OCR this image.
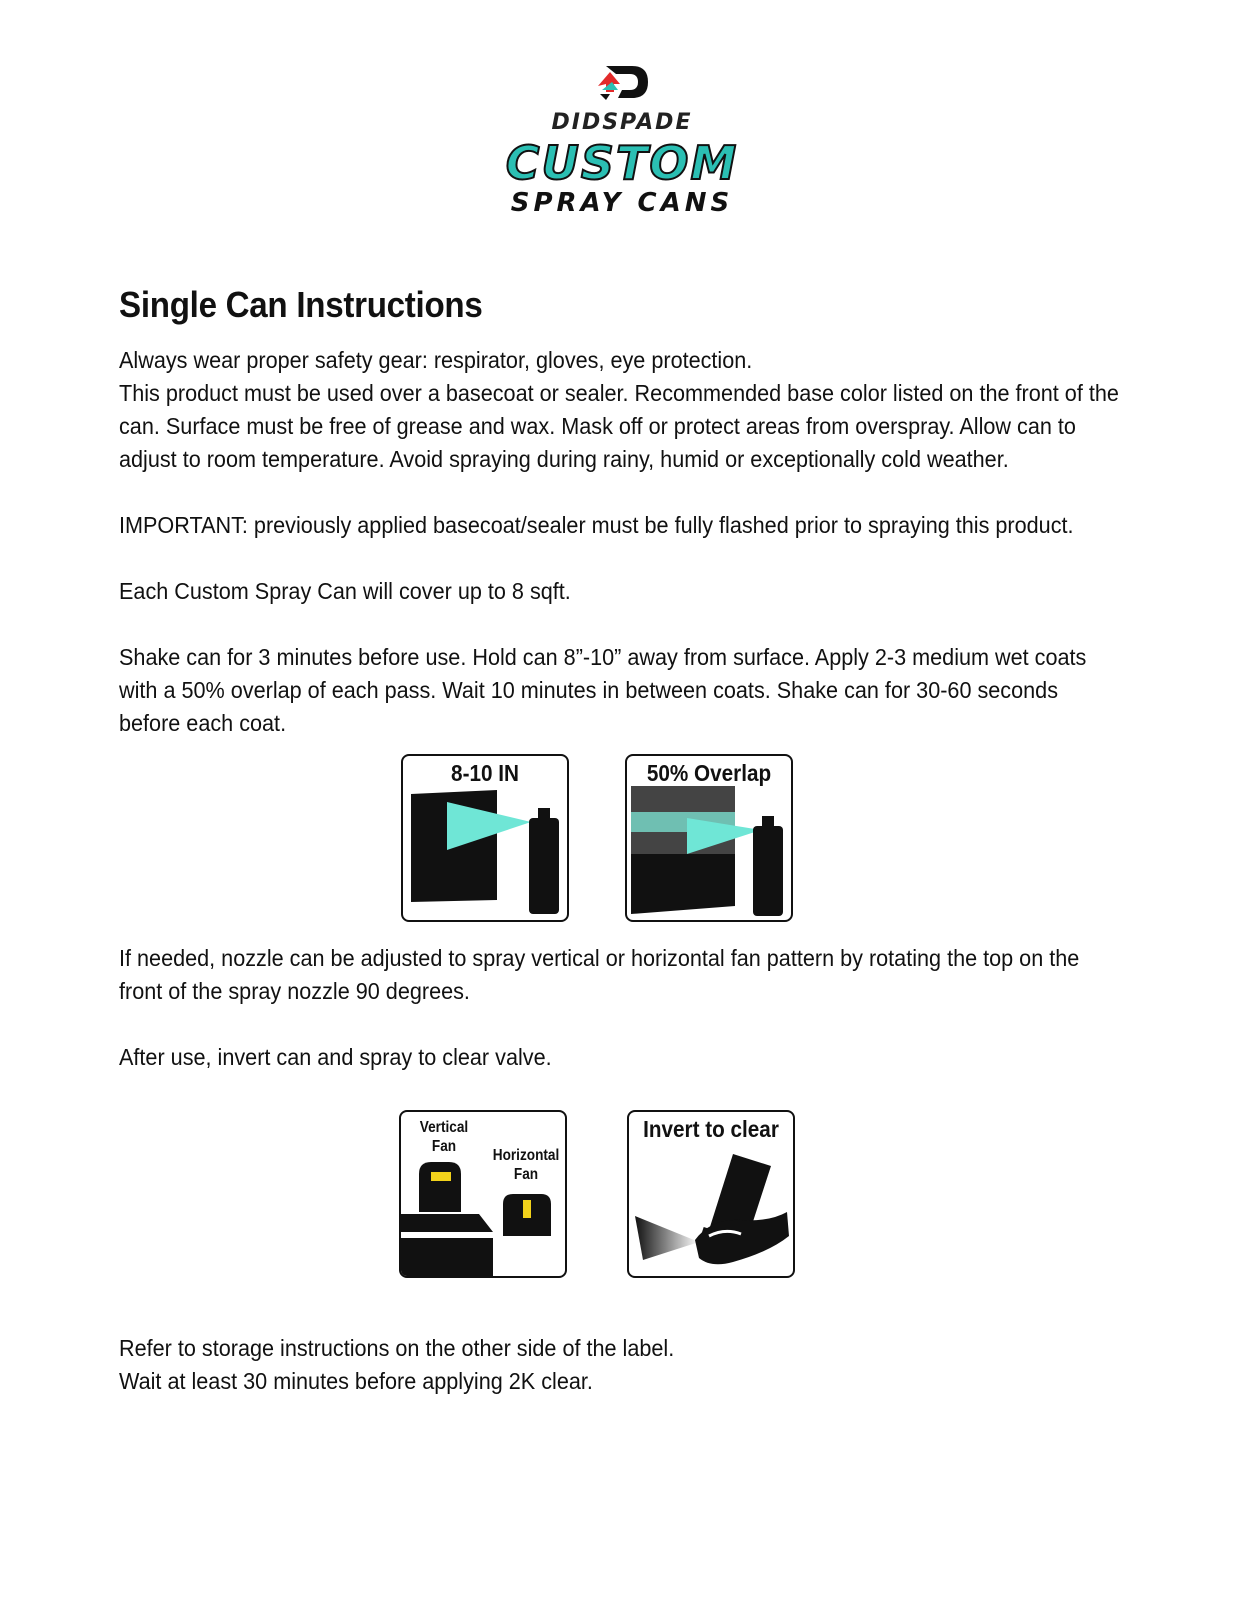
DIDSPADE
CUSTOM
SPRAY CANS
Single Can Instructions

Always wear proper safety gear: respirator, gloves, eye protection.

This product must be used over a basecoat or sealer. Recommended base color listed on the front of the can. Surface must be free of grease and wax. Mask off or protect areas from overspray. Allow can to adjust to room temperature. Avoid spraying during rainy, humid or exceptionally cold weather.

IMPORTANT: previously applied basecoat/sealer must be fully flashed prior to spraying this product.

Each Custom Spray Can will cover up to 8 sqft.

Shake can for 3 minutes before use. Hold can 8”-10” away from surface. Apply 2-3 medium wet coats with a 50% overlap of each pass. Wait 10 minutes in between coats. Shake can for 30-60 seconds before each coat.

8-10 IN	50% Overlap

If needed, nozzle can be adjusted to spray vertical or horizontal fan pattern by rotating the top on the front of the spray nozzle 90 degrees.

After use, invert can and spray to clear valve.

Vertical
Fan
Horizontal
Fan
Invert to clear

Refer to storage instructions on the other side of the label.

Wait at least 30 minutes before applying 2K clear.
